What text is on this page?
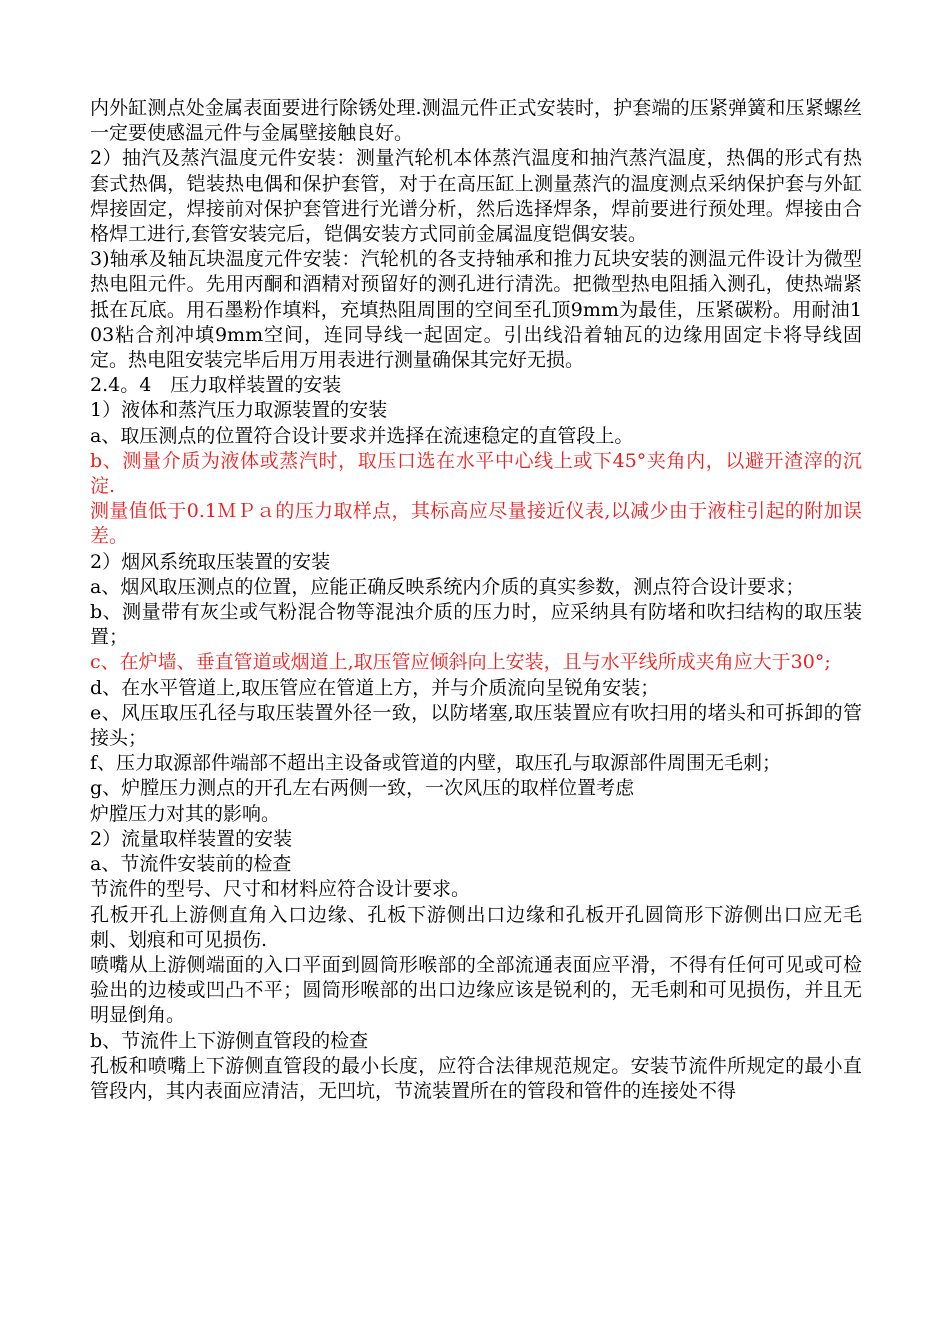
内外缸测点处金属表面要进行除锈处理.测温元件正式安装时，护套端的压紧弹簧和压紧螺丝一定要使感温元件与金属壁接触良好。

2）抽汽及蒸汽温度元件安装：测量汽轮机本体蒸汽温度和抽汽蒸汽温度，热偶的形式有热套式热偶，铠装热电偶和保护套管，对于在高压缸上测量蒸汽的温度测点采纳保护套与外缸焊接固定，焊接前对保护套管进行光谱分析，然后选择焊条，焊前要进行预处理。焊接由合格焊工进行,套管安装完后，铠偶安装方式同前金属温度铠偶安装。

3)轴承及轴瓦块温度元件安装：汽轮机的各支持轴承和推力瓦块安装的测温元件设计为微型热电阻元件。先用丙酮和酒精对预留好的测孔进行清洗。把微型热电阻插入测孔，使热端紧抵在瓦底。用石墨粉作填料，充填热阻周围的空间至孔顶9mm为最佳，压紧碳粉。用耐油103粘合剂冲填9mm空间，连同导线一起固定。引出线沿着轴瓦的边缘用固定卡将导线固定。热电阻安装完毕后用万用表进行测量确保其完好无损。

2.4。4　压力取样装置的安装

1）液体和蒸汽压力取源装置的安装

a、取压测点的位置符合设计要求并选择在流速稳定的直管段上。

b、测量介质为液体或蒸汽时，取压口选在水平中心线上或下45°夹角内，以避开渣滓的沉淀.

测量值低于0.1ＭＰａ的压力取样点，其标高应尽量接近仪表,以减少由于液柱引起的附加误差。

2）烟风系统取压装置的安装

a、烟风取压测点的位置，应能正确反映系统内介质的真实参数，测点符合设计要求；

b、测量带有灰尘或气粉混合物等混浊介质的压力时，应采纳具有防堵和吹扫结构的取压装置；

c、在炉墙、垂直管道或烟道上,取压管应倾斜向上安装，且与水平线所成夹角应大于30°;

d、在水平管道上,取压管应在管道上方，并与介质流向呈锐角安装；

e、风压取压孔径与取压装置外径一致，以防堵塞,取压装置应有吹扫用的堵头和可拆卸的管接头；

f、压力取源部件端部不超出主设备或管道的内壁，取压孔与取源部件周围无毛刺；

g、炉膛压力测点的开孔左右两侧一致，一次风压的取样位置考虑

炉膛压力对其的影响。

2）流量取样装置的安装

a、节流件安装前的检查

节流件的型号、尺寸和材料应符合设计要求。

孔板开孔上游侧直角入口边缘、孔板下游侧出口边缘和孔板开孔圆筒形下游侧出口应无毛刺、划痕和可见损伤.

喷嘴从上游侧端面的入口平面到圆筒形喉部的全部流通表面应平滑，不得有任何可见或可检验出的边棱或凹凸不平；圆筒形喉部的出口边缘应该是锐利的，无毛刺和可见损伤，并且无明显倒角。

b、节流件上下游侧直管段的检查

孔板和喷嘴上下游侧直管段的最小长度，应符合法律规范规定。安装节流件所规定的最小直管段内，其内表面应清洁，无凹坑，节流装置所在的管段和管件的连接处不得
